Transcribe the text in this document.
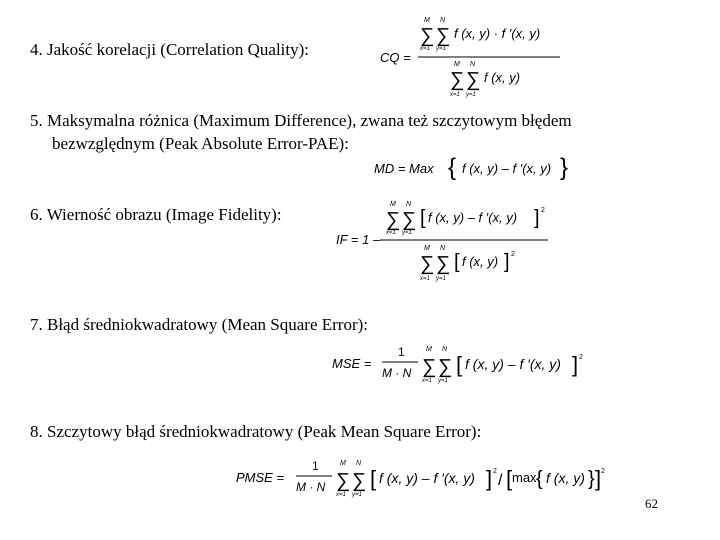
4. Jakość korelacji (Correlation Quality):	CQ =
M N
∑ ∑
x=1 y=1
f (x, y) · f ′(x, y)
M N
∑ ∑
x=1 y=1
f (x, y)
5. Maksymalna różnica (Maximum Difference), zwana też szczytowym błędem
bezwzględnym (Peak Absolute Error-PAE):
MD = Max { f (x, y) – f ′(x, y) }
6. Wierność obrazu (Image Fidelity):
IF = 1 –
M N
∑ ∑
x=1 y=1
[ f (x, y) – f ′(x, y) ] 2
M N
∑ ∑
x=1 y=1
[ f (x, y) ] 2
7. Błąd średniokwadratowy (Mean Square Error):
MSE =
1
M · N
M N
∑ ∑
x=1 y=1
[ f (x, y) – f ′(x, y) ] 2
8. Szczytowy błąd średniokwadratowy (Peak Mean Square Error):
PMSE =
1
M · N
M N
∑ ∑
x=1 y=1
[ f (x, y) – f ′(x, y) ] 2
/ [ max { f (x, y) } ] 2
62
